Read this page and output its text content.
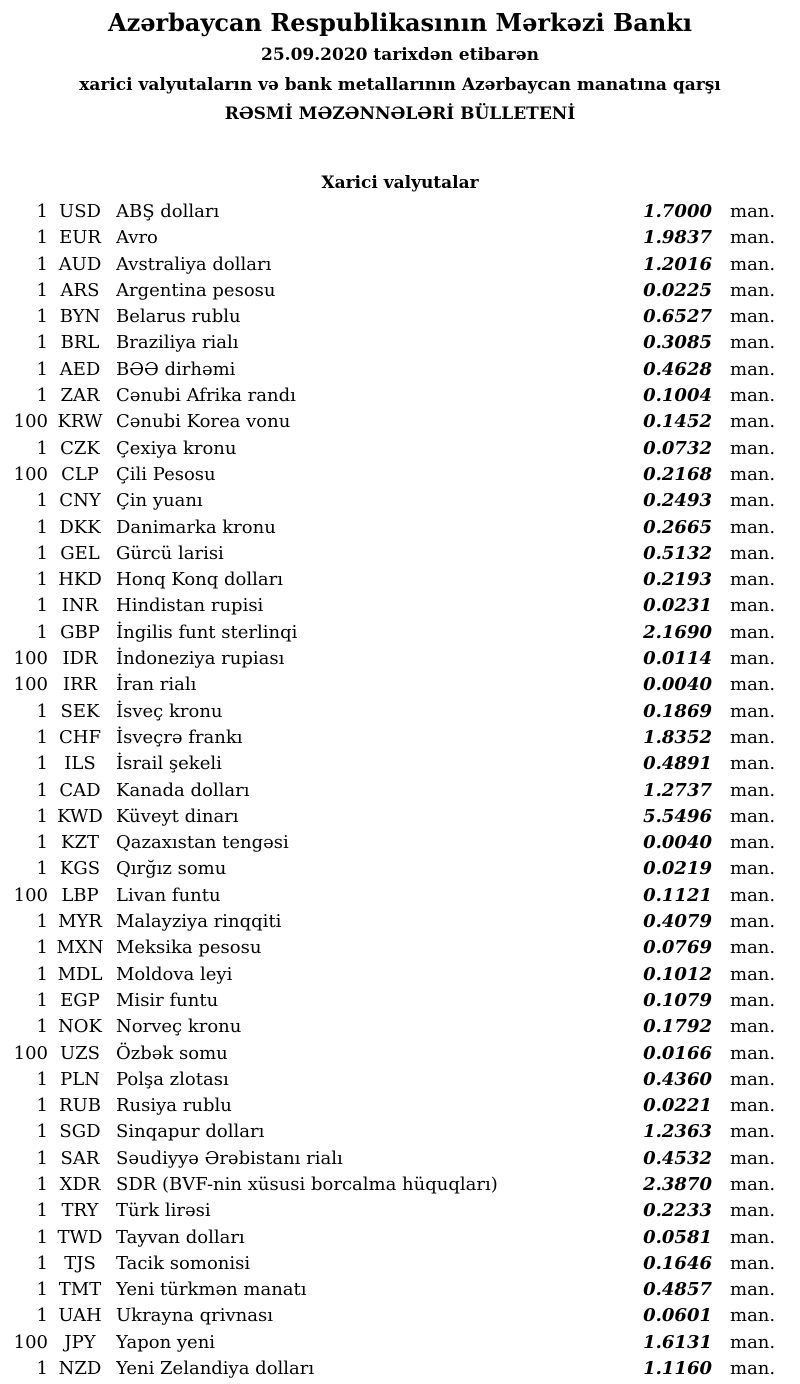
Azərbaycan Respublikasının Mərkəzi Bankı
25.09.2020 tarixdən etibarən
xarici valyutaların və bank metallarının Azərbaycan manatına qarşı
RƏSMİ MƏZƏNNƏLƏRİ BÜLLETENİ
Xarici valyutalar
1 USD ABŞ dolları	1.7000 man.
1 EUR Avro	1.9837 man.
1 AUD Avstraliya dolları	1.2016 man.
1 ARS Argentina pesosu	0.0225 man.
1 BYN Belarus rublu	0.6527 man.
1 BRL Braziliya rialı	0.3085 man.
1 AED BƏƏ dirhəmi	0.4628 man.
1 ZAR Cənubi Afrika randı	0.1004 man.
100 KRW Cənubi Korea vonu	0.1452 man.
1 CZK Çexiya kronu	0.0732 man.
100 CLP Çili Pesosu	0.2168 man.
1 CNY Çin yuanı	0.2493 man.
1 DKK Danimarka kronu	0.2665 man.
1 GEL Gürcü larisi	0.5132 man.
1 HKD Honq Konq dolları	0.2193 man.
1 INR Hindistan rupisi	0.0231 man.
1 GBP İngilis funt sterlinqi	2.1690 man.
100 IDR	İndoneziya rupiası	0.0114 man.
100 IRR	İran rialı	0.0040 man.
1 SEK İsveç kronu	0.1869 man.
1 CHF İsveçrə frankı	1.8352 man.
1 ILS	İsrail şekeli	0.4891 man.
1 CAD Kanada dolları	1.2737 man.
1 KWD Küveyt dinarı	5.5496 man.
1 KZT Qazaxıstan tengəsi	0.0040 man.
1 KGS Qırğız somu	0.0219 man.
100 LBP Livan funtu	0.1121 man.
1 MYR Malayziya rinqqiti	0.4079 man.
1 MXN Meksika pesosu	0.0769 man.
1 MDL Moldova leyi	0.1012 man.
1 EGP Misir funtu	0.1079 man.
1 NOK Norveç kronu	0.1792 man.
100 UZS Özbək somu	0.0166 man.
1 PLN Polşa zlotası	0.4360 man.
1 RUB Rusiya rublu	0.0221 man.
1 SGD Sinqapur dolları	1.2363 man.
1 SAR Səudiyyə Ərəbistanı rialı	0.4532 man.
1 XDR SDR (BVF-nin xüsusi borcalma hüquqları)	2.3870 man.
1 TRY Türk lirəsi	0.2233 man.
1 TWD Tayvan dolları	0.0581 man.
1 TJS	Tacik somonisi	0.1646 man.
1 TMT Yeni türkmən manatı	0.4857 man.
1 UAH Ukrayna qrivnası	0.0601 man.
100 JPY	Yapon yeni	1.6131 man.
1 NZD Yeni Zelandiya dolları	1.1160 man.
